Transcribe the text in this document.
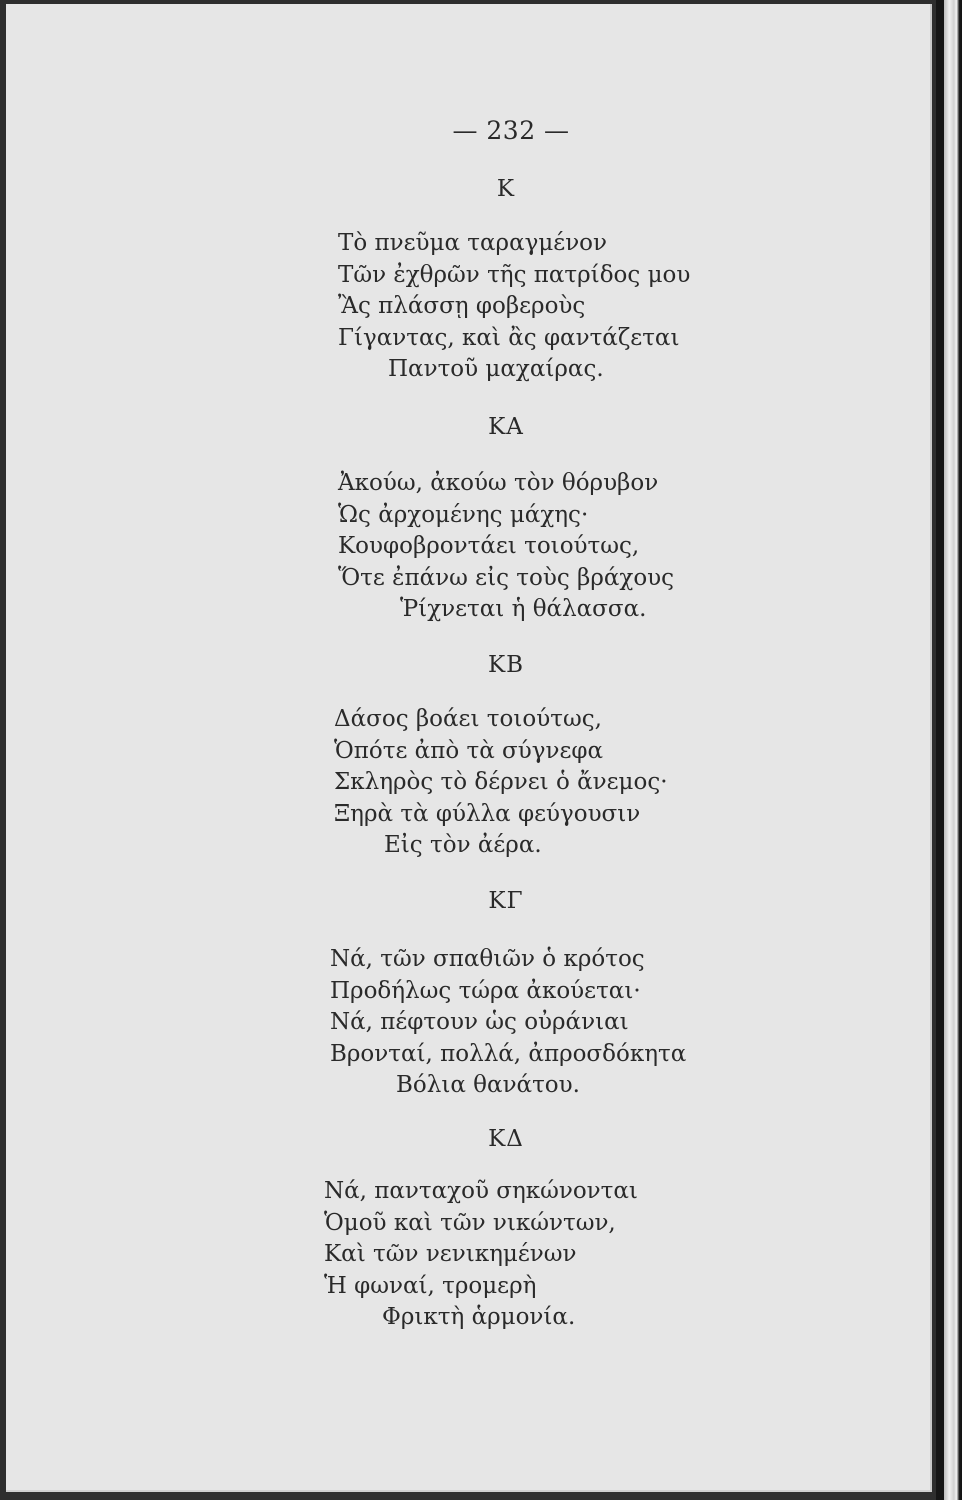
— 232 —
Κ
Τὸ πνεῦμα ταραγμένον
Τῶν ἐχθρῶν τῆς πατρίδος μου
Ἂς πλάσσῃ φοβεροὺς
Γίγαντας, καὶ ἂς φαντάζεται
Παντοῦ μαχαίρας.
ΚΑ
Ἀκούω, ἀκούω τὸν θόρυβον
Ὡς ἀρχομένης μάχης·
Κουφοβροντάει τοιούτως,
Ὅτε ἐπάνω εἰς τοὺς βράχους
Ῥίχνεται ἡ θάλασσα.
ΚΒ
Δάσος βοάει τοιούτως,
Ὁπότε ἀπὸ τὰ σύγνεφα
Σκληρὸς τὸ δέρνει ὁ ἄνεμος·
Ξηρὰ τὰ φύλλα φεύγουσιν
Εἰς τὸν ἀέρα.
ΚΓ
Νά, τῶν σπαθιῶν ὁ κρότος
Προδήλως τώρα ἀκούεται·
Νά, πέφτουν ὡς οὐράνιαι
Βρονταί, πολλά, ἀπροσδόκητα
Βόλια θανάτου.
ΚΔ
Νά, πανταχοῦ σηκώνονται
Ὁμοῦ καὶ τῶν νικώντων,
Καὶ τῶν νενικημένων
Ἡ φωναί, τρομερὴ
Φρικτὴ ἁρμονία.
